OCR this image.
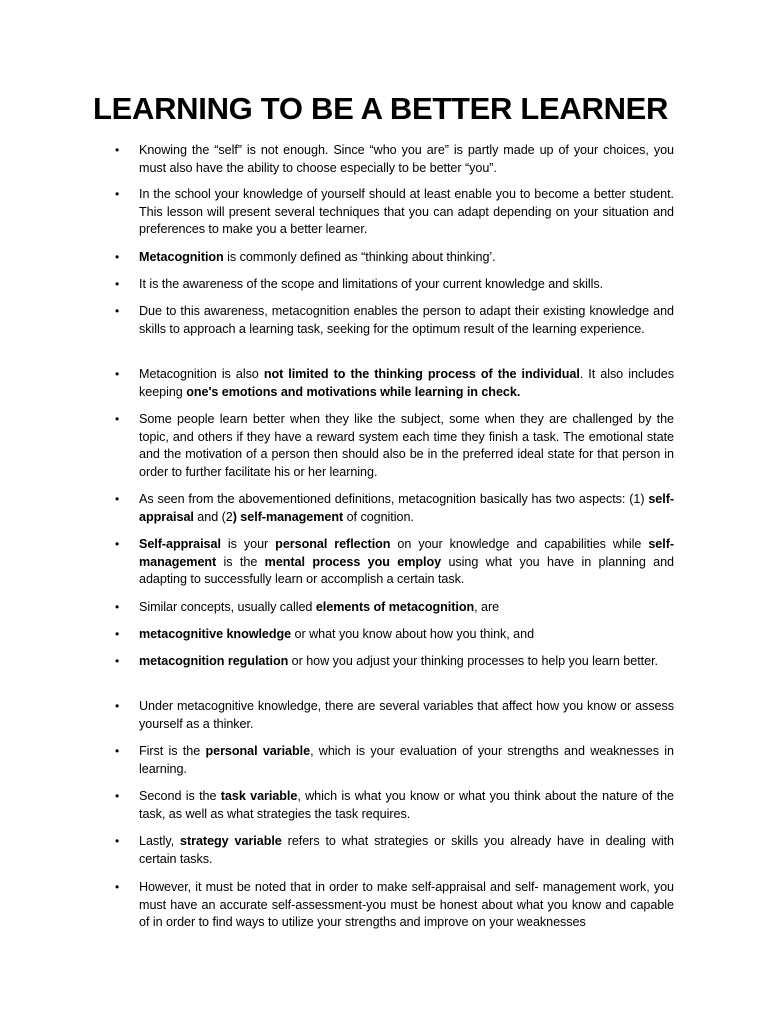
LEARNING TO BE A BETTER LEARNER
•	Knowing the “self” is not enough. Since “who you are” is partly made up of your choices, you must also have the ability to choose especially to be better “you”.

•	In the school your knowledge of yourself should at least enable you to become a better student. This lesson will present several techniques that you can adapt depending on your situation and preferences to make you a better learner.

•	Metacognition is commonly defined as “thinking about thinking’.

•	It is the awareness of the scope and limitations of your current knowledge and skills.

•	Due to this awareness, metacognition enables the person to adapt their existing knowledge and skills to approach a learning task, seeking for the optimum result of the learning experience.

•	Metacognition is also not limited to the thinking process of the individual. It also includes keeping one's emotions and motivations while learning in check.

•	Some people learn better when they like the subject, some when they are challenged by the topic, and others if they have a reward system each time they finish a task. The emotional state and the motivation of a person then should also be in the preferred ideal state for that person in order to further facilitate his or her learning.

•	As seen from the abovementioned definitions, metacognition basically has two aspects: (1) self-appraisal and (2) self-management of cognition.

•	Self-appraisal is your personal reflection on your knowledge and capabilities while self-management is the mental process you employ using what you have in planning and adapting to successfully learn or accomplish a certain task.

•	Similar concepts, usually called elements of metacognition, are

•	metacognitive knowledge or what you know about how you think, and

•	metacognition regulation or how you adjust your thinking processes to help you learn better.

•	Under metacognitive knowledge, there are several variables that affect how you know or assess yourself as a thinker.

•	First is the personal variable, which is your evaluation of your strengths and weaknesses in learning.

•	Second is the task variable, which is what you know or what you think about the nature of the task, as well as what strategies the task requires.

•	Lastly, strategy variable refers to what strategies or skills you already have in dealing with certain tasks.

•	However, it must be noted that in order to make self-appraisal and self- management work, you must have an accurate self-assessment-you must be honest about what you know and capable of in order to find ways to utilize your strengths and improve on your weaknesses
